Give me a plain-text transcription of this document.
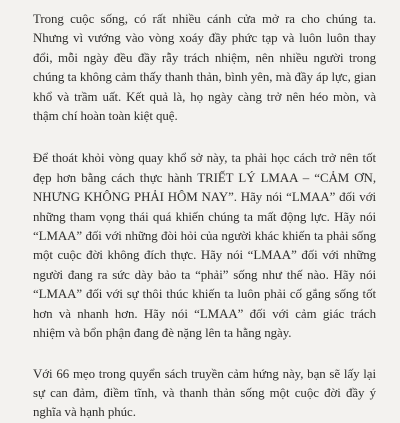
Trong cuộc sống, có rất nhiều cánh cửa mở ra cho chúng ta. Nhưng vì vướng vào vòng xoáy đầy phức tạp và luôn luôn thay đổi, mỗi ngày đều đầy rẫy trách nhiệm, nên nhiều người trong chúng ta không cảm thấy thanh thản, bình yên, mà đầy áp lực, gian khổ và trầm uất. Kết quả là, họ ngày càng trở nên héo mòn, và thậm chí hoàn toàn kiệt quệ.

Để thoát khỏi vòng quay khổ sở này, ta phải học cách trở nên tốt đẹp hơn bằng cách thực hành TRIẾT LÝ LMAA – “CẢM ƠN, NHƯNG KHÔNG PHẢI HÔM NAY”. Hãy nói “LMAA” đối với những tham vọng thái quá khiến chúng ta mất động lực. Hãy nói “LMAA” đối với những đòi hỏi của người khác khiến ta phải sống một cuộc đời không đích thực. Hãy nói “LMAA” đối với những người đang ra sức dày bảo ta “phải” sống như thế nào. Hãy nói “LMAA” đối với sự thôi thúc khiến ta luôn phải cố gắng sống tốt hơn và nhanh hơn. Hãy nói “LMAA” đối với cảm giác trách nhiệm và bổn phận đang đè nặng lên ta hằng ngày.

Với 66 mẹo trong quyển sách truyền cảm hứng này, bạn sẽ lấy lại sự can đảm, điềm tĩnh, và thanh thản sống một cuộc đời đầy ý nghĩa và hạnh phúc.
